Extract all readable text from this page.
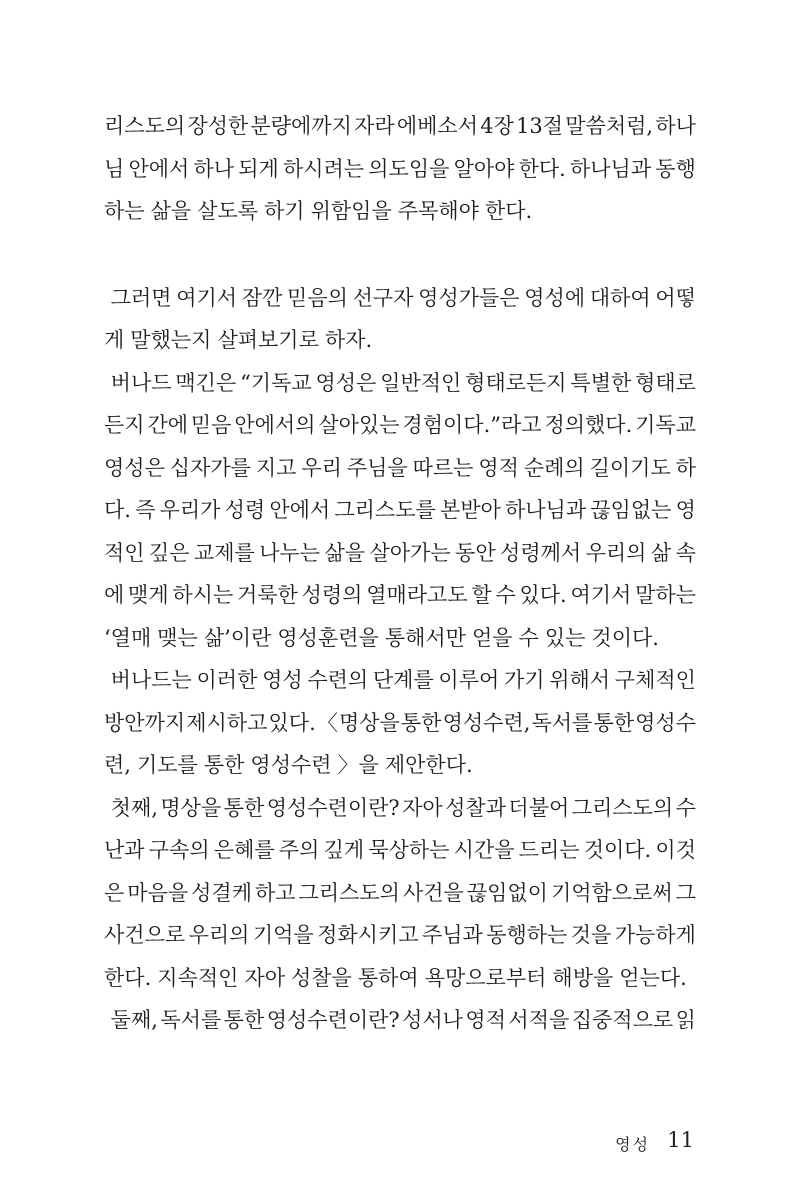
리스도의 장성한 분량에까지 자라 에베소서 4장 13절 말씀처럼, 하나
님 안에서 하나 되게 하시려는 의도임을 알아야 한다. 하나님과 동행
하는 삶을 살도록 하기 위함임을 주목해야 한다.
그러면 여기서 잠깐 믿음의 선구자 영성가들은 영성에 대하여 어떻
게 말했는지 살펴보기로 하자.
버나드 맥긴은 “기독교 영성은 일반적인 형태로든지 특별한 형태로
든지 간에 믿음 안에서의 살아있는 경험이다.”라고 정의했다. 기독교
영성은 십자가를 지고 우리 주님을 따르는 영적 순례의 길이기도 하
다. 즉 우리가 성령 안에서 그리스도를 본받아 하나님과 끊임없는 영
적인 깊은 교제를 나누는 삶을 살아가는 동안 성령께서 우리의 삶 속
에 맺게 하시는 거룩한 성령의 열매라고도 할 수 있다. 여기서 말하는
‘열매 맺는 삶’이란 영성훈련을 통해서만 얻을 수 있는 것이다.
버나드는 이러한 영성 수련의 단계를 이루어 가기 위해서 구체적인
방안까지 제시하고 있다. 〈 명상을 통한 영성수련, 독서를 통한 영성수
련, 기도를 통한 영성수련 〉을 제안한다.
첫째, 명상을 통한 영성수련이란? 자아 성찰과 더불어 그리스도의 수
난과 구속의 은혜를 주의 깊게 묵상하는 시간을 드리는 것이다. 이것
은 마음을 성결케 하고 그리스도의 사건을 끊임없이 기억함으로써 그
사건으로 우리의 기억을 정화시키고 주님과 동행하는 것을 가능하게
한다. 지속적인 자아 성찰을 통하여 욕망으로부터 해방을 얻는다.
둘째, 독서를 통한 영성수련이란? 성서나 영적 서적을 집중적으로 읽
영성 11
